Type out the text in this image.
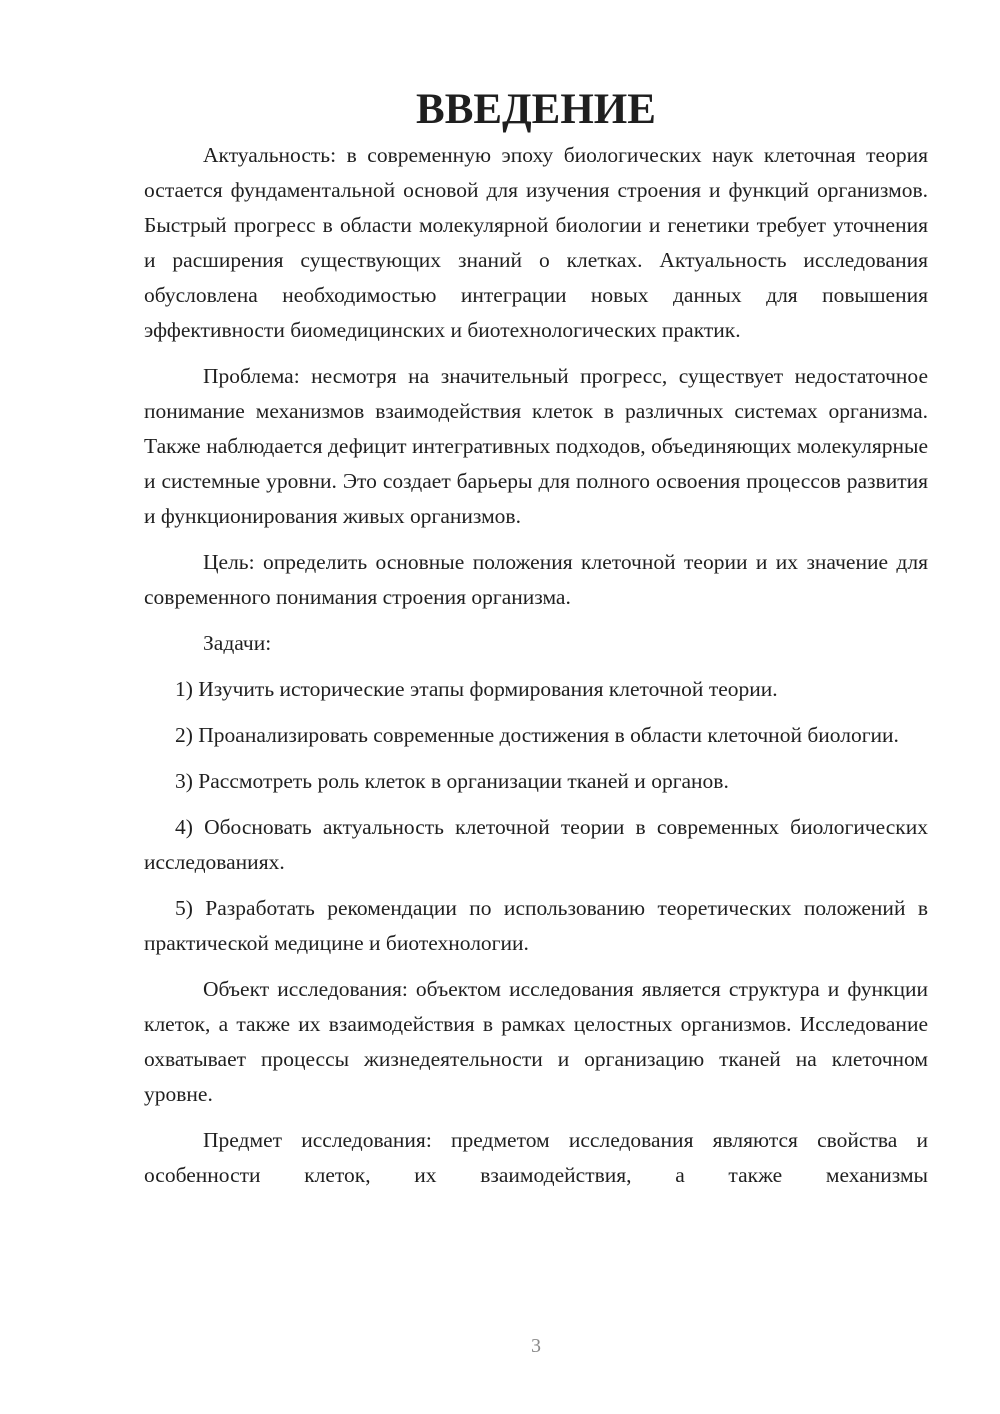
ВВЕДЕНИЕ

Актуальность: в современную эпоху биологических наук клеточная теория остается фундаментальной основой для изучения строения и функций организмов. Быстрый прогресс в области молекулярной биологии и генетики требует уточнения и расширения существующих знаний о клетках. Актуальность исследования обусловлена необходимостью интеграции новых данных для повышения эффективности биомедицинских и биотехнологических практик.

Проблема: несмотря на значительный прогресс, существует недостаточное понимание механизмов взаимодействия клеток в различных системах организма. Также наблюдается дефицит интегративных подходов, объединяющих молекулярные и системные уровни. Это создает барьеры для полного освоения процессов развития и функционирования живых организмов.

Цель: определить основные положения клеточной теории и их значение для современного понимания строения организма.

Задачи:

1) Изучить исторические этапы формирования клеточной теории.

2) Проанализировать современные достижения в области клеточной биологии.

3) Рассмотреть роль клеток в организации тканей и органов.

4) Обосновать актуальность клеточной теории в современных биологических исследованиях.

5) Разработать рекомендации по использованию теоретических положений в практической медицине и биотехнологии.

Объект исследования: объектом исследования является структура и функции клеток, а также их взаимодействия в рамках целостных организмов. Исследование охватывает процессы жизнедеятельности и организацию тканей на клеточном уровне.

Предмет исследования: предметом исследования являются свойства и особенности клеток, их взаимодействия, а также механизмы

3
